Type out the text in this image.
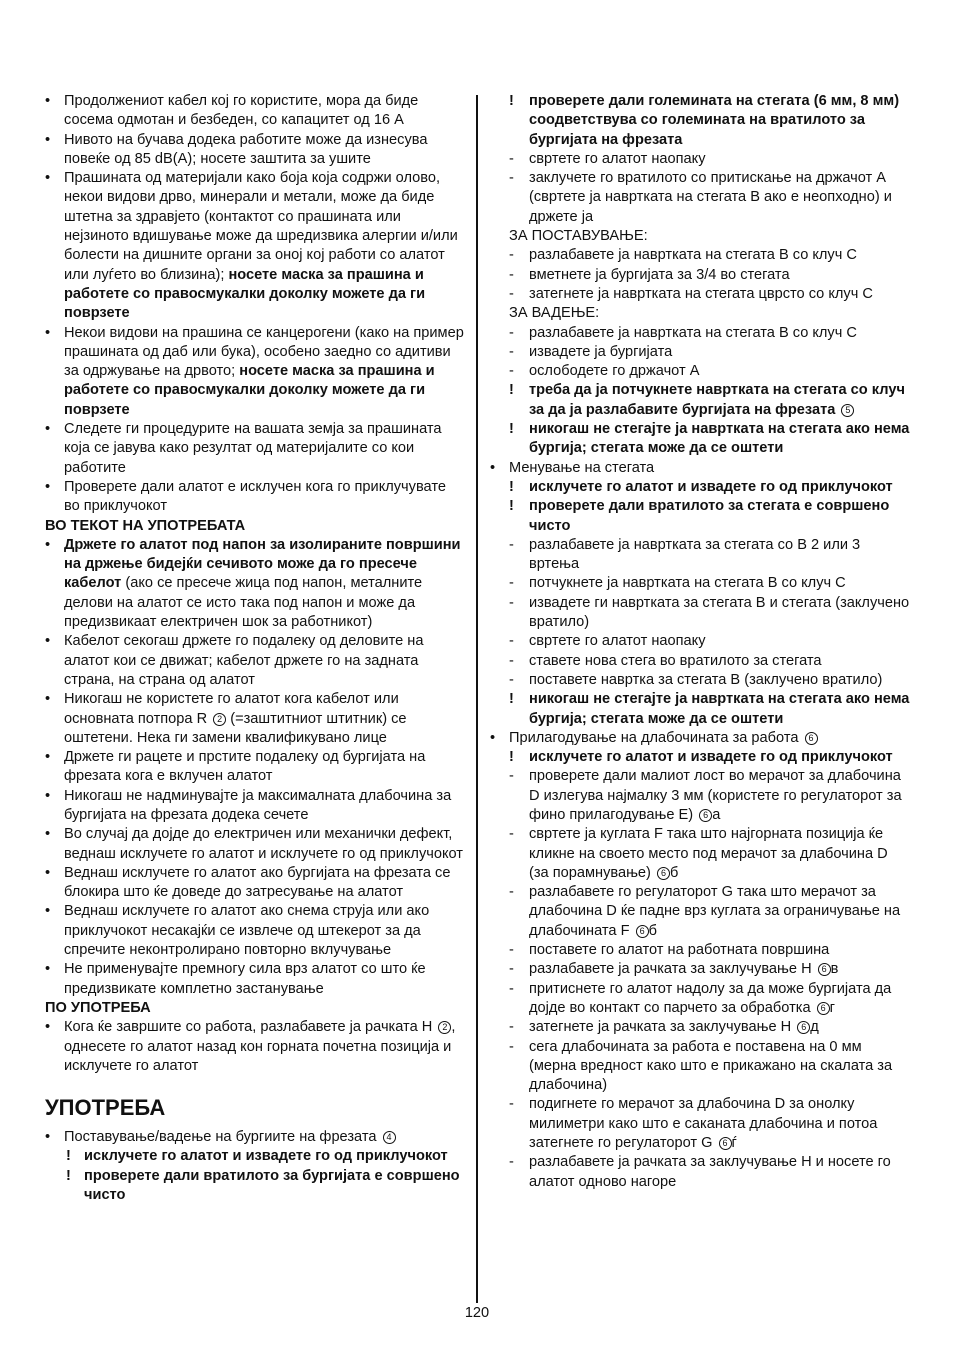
• Продолжениот кабел кој го користите, мора да биде сосема одмотан и безбеден, со капацитет од 16 A
• Нивото на бучава додека работите може да изнесува повеќе од 85 dB(A); носете заштита за ушите
• Прашината од материјали како боја која содржи олово, некои видови дрво, минерали и метали, може да биде штетна за здравјето (контактот со прашината или нејзиното вдишување може да шредизвика алергии и/или болести на дишните органи за оној кој работи со алатот или луѓето во близина); носете маска за прашина и работете со правосмукалки доколку можете да ги поврзете
• Некои видови на прашина се канцерогени (како на пример прашината од даб или бука), особено заедно со адитиви за одржување на дрвото; носете маска за прашина и работете со правосмукалки доколку можете да ги поврзете
• Следете ги процедурите на вашата земја за прашината која се јавува како резултат од материјалите со кои работите
• Проверете дали алатот е исклучен кога го приклучувате во приклучокот
ВО ТЕКОТ НА УПОТРЕБАТА
• Држете го алатот под напон за изолираните површини на држење бидејќи сечивото може да го пресече кабелот (ако се пресече жица под напон, металните делови на алатот се исто така под напон и може да предизвикаат електричен шок за работникот)
• Кабелот секогаш држете го подалеку од деловите на алатот кои се движат; кабелот држете го на задната страна, на страна од алатот
• Никогаш не користете го алатот кога кабелот или основната потпора R 2 (=заштитниот штитник) се оштетени. Нека ги замени квалификувано лице
• Држете ги рацете и прстите подалеку од бургијата на фрезата кога е вклучен алатот
• Никогаш не надминувајте ја максималната длабочина за бургијата на фрезата додека сечете
• Во случај да дојде до електричен или механички дефект, веднаш исклучете го алатот и исклучете го од приклучокот
• Веднаш исклучете го алатот ако бургијата на фрезата се блокира што ќе доведе до затресување на алатот
• Веднаш исклучете го алатот ако снема струја или ако приклучокот несакајќи се извлече од штекерот за да спречите неконтролирано повторно вклучување
• Не применувајте премногу сила врз алатот со што ќе предизвикате комплетно застанување
ПО УПОТРЕБА
• Кога ќе завршите со работа, разлабавете ја рачката H 2 , однесете го алатот назад кон горната почетна позиција и исклучете го алатот
УПОТРЕБА
• Поставување/вадење на бургиите на фрезата 4
! исклучете го алатот и извадете го од приклучокот
! проверете дали вратилото за бургијата е совршено чисто
! проверете дали големината на стегата (6 мм, 8 мм) соодветствува со големината на вратилото за бургијата на фрезата
- свртете го алатот наопаку
- заклучете го вратилото со притискање на држачот A (свртете ја навртката на стегата B ако е неопходно) и држете ја
ЗА ПОСТАВУВАЊЕ:
- разлабавете ја навртката на стегата B со клуч C
- вметнете ја бургијата за 3/4 во стегата
- затегнете ја навртката на стегата цврсто со клуч C
ЗА ВАДЕЊЕ:
- разлабавете ја навртката на стегата B со клуч C
- извадете ја бургијата
- ослободете го држачот A
! треба да ја потчукнете навртката на стегата со клуч за да ја разлабавите бургијата на фрезата 5
! никогаш не стегајте ја навртката на стегата ако нема бургија; стегата може да се оштети
• Менување на стегата
! исклучете го алатот и извадете го од приклучокот
! проверете дали вратилото за стегата е совршено чисто
- разлабавете ја навртката за стегата со B 2 или 3 вртења
- потчукнете ја навртката на стегата B со клуч C
- извадете ги навртката за стегата B и стегата (заклучено вратило)
- свртете го алатот наопаку
- ставете нова стега во вратилото за стегата
- поставете навртка за стегата B (заклучено вратило)
! никогаш не стегајте ја навртката на стегата ако нема бургија; стегата може да се оштети
• Прилагодување на длабочината за работа 6
! исклучете го алатот и извадете го од приклучокот
- проверете дали малиот лост во мерачот за длабочина D излегува најмалку 3 мм (користете го регулаторот за фино прилагодување E) 6 a
- свртете ја куглата F така што најгорната позиција ќе кликне на своето место под мерачот за длабочина D (за порамнување) 6 б
- разлабавете го регулаторот G така што мерачот за длабочина D ќе падне врз куглата за ограничување на длабочината F 6 б
- поставете го алатот на работната површина
- разлабавете ја рачката за заклучување H 6 в
- притиснете го алатот надолу за да може бургијата да дојде во контакт со парчето за обработка 6 г
- затегнете ја рачката за заклучување H 6 д
- сега длабочината за работа е поставена на 0 мм (мерна вредност како што е прикажано на скалата за длабочина)
- подигнете го мерачот за длабочина D за онолку милиметри како што е саканата длабочина и потоа затегнете го регулаторот G 6 ѓ
- разлабавете ја рачката за заклучување H и носете го алатот одново нагоре
120
